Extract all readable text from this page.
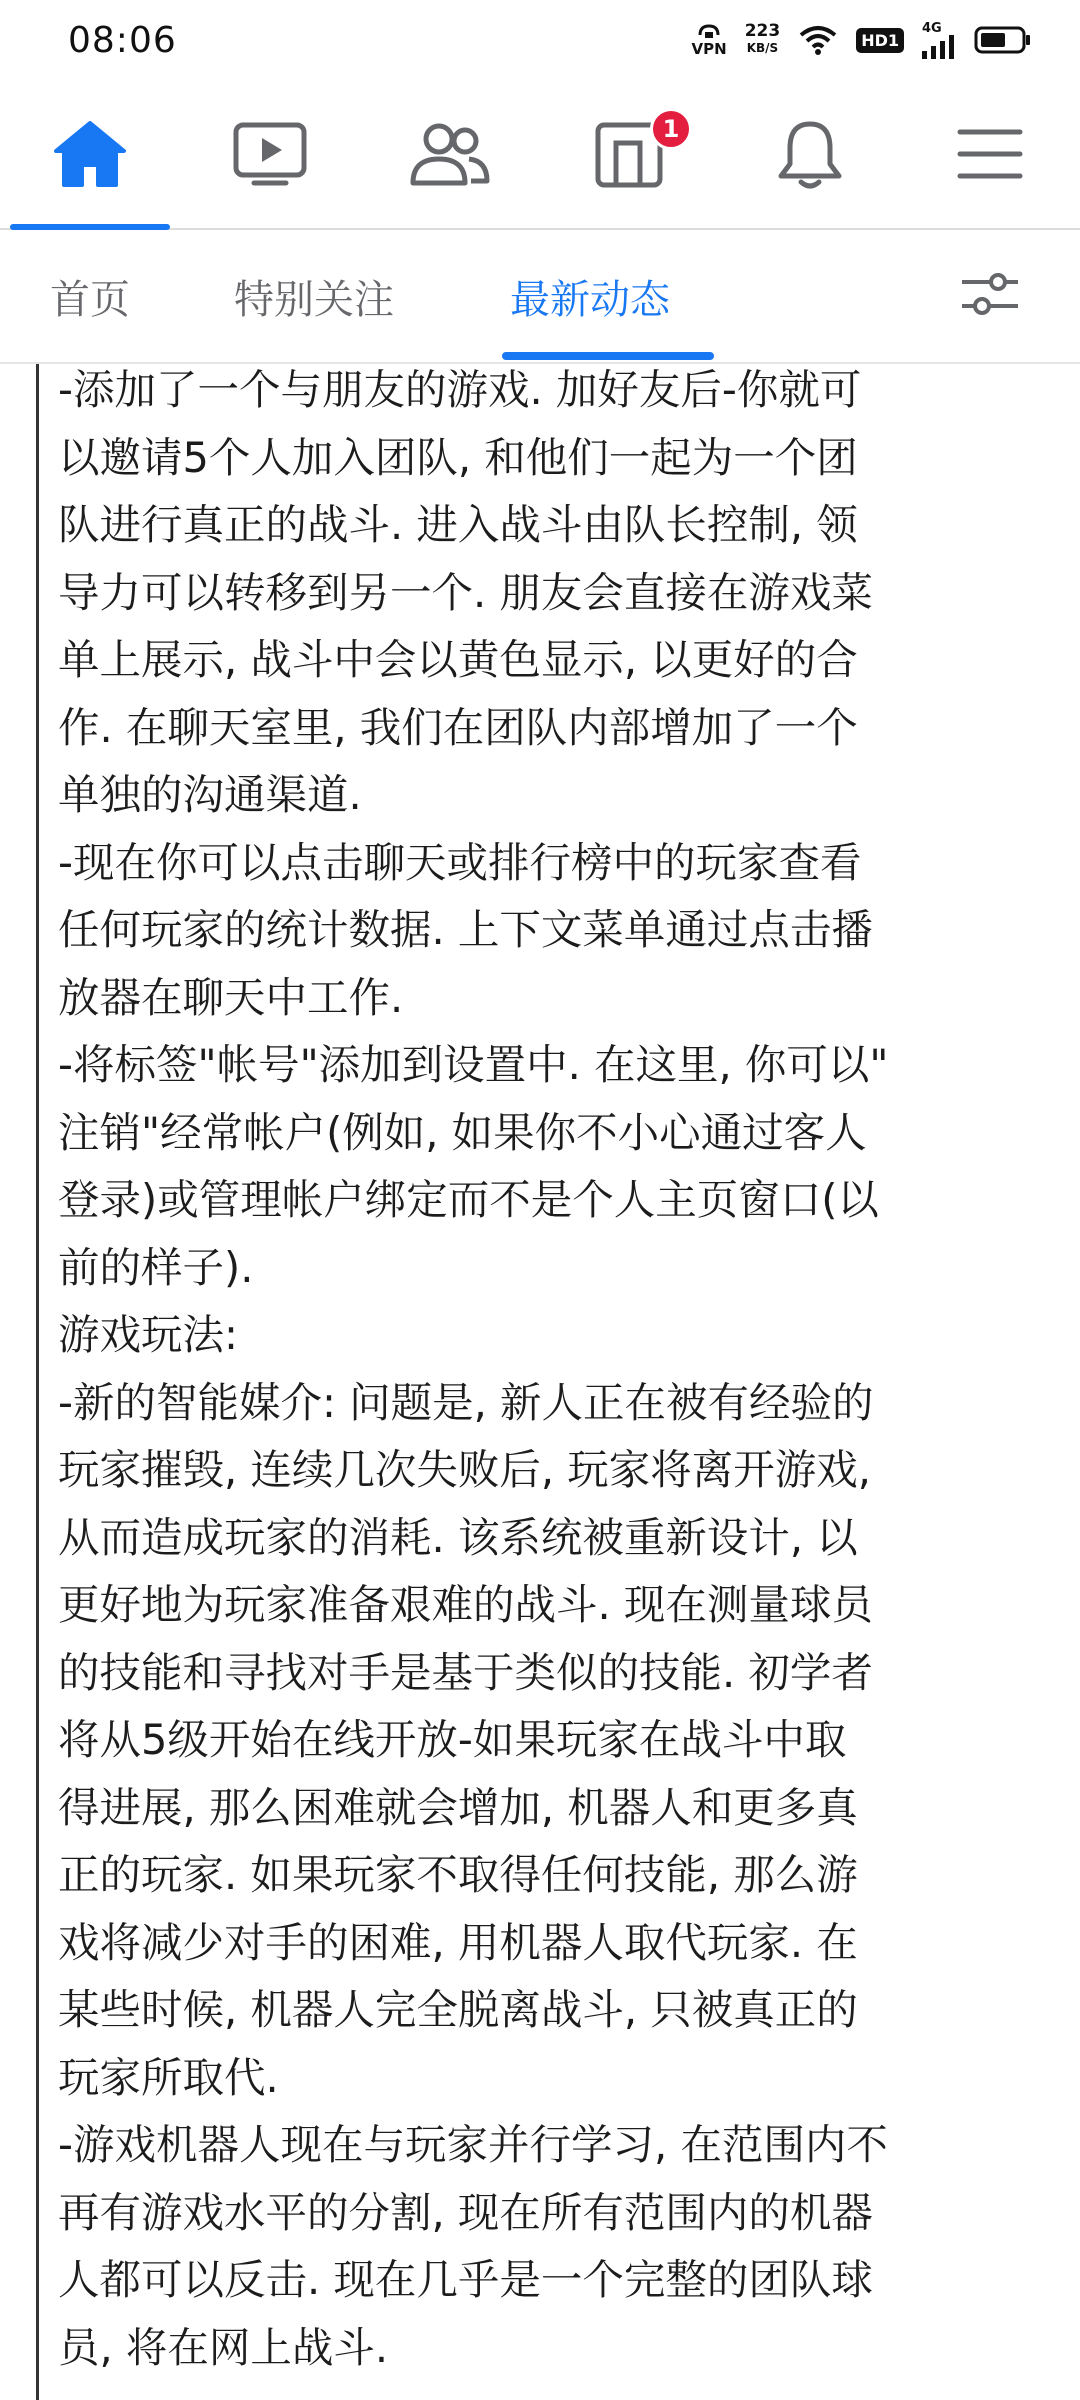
08:06	VPN
223
KB/S	HD1
4G
1
首页	特别关注	最新动态

-添加了一个与朋友的游戏. 加好友后-你就可

以邀请5个人加入团队, 和他们一起为一个团

队进行真正的战斗. 进入战斗由队长控制, 领

导力可以转移到另一个. 朋友会直接在游戏菜

单上展示, 战斗中会以黄色显示, 以更好的合

作. 在聊天室里, 我们在团队内部增加了一个

单独的沟通渠道.

-现在你可以点击聊天或排行榜中的玩家查看

任何玩家的统计数据. 上下文菜单通过点击播

放器在聊天中工作.

-将标签"帐号"添加到设置中. 在这里, 你可以"

注销"经常帐户(例如, 如果你不小心通过客人

登录)或管理帐户绑定而不是个人主页窗口(以

前的样子).

游戏玩法:

-新的智能媒介: 问题是, 新人正在被有经验的

玩家摧毁, 连续几次失败后, 玩家将离开游戏,

从而造成玩家的消耗. 该系统被重新设计, 以

更好地为玩家准备艰难的战斗. 现在测量球员

的技能和寻找对手是基于类似的技能. 初学者

将从5级开始在线开放-如果玩家在战斗中取

得进展, 那么困难就会增加, 机器人和更多真

正的玩家. 如果玩家不取得任何技能, 那么游

戏将减少对手的困难, 用机器人取代玩家. 在

某些时候, 机器人完全脱离战斗, 只被真正的

玩家所取代.

-游戏机器人现在与玩家并行学习, 在范围内不

再有游戏水平的分割, 现在所有范围内的机器

人都可以反击. 现在几乎是一个完整的团队球

员, 将在网上战斗.
